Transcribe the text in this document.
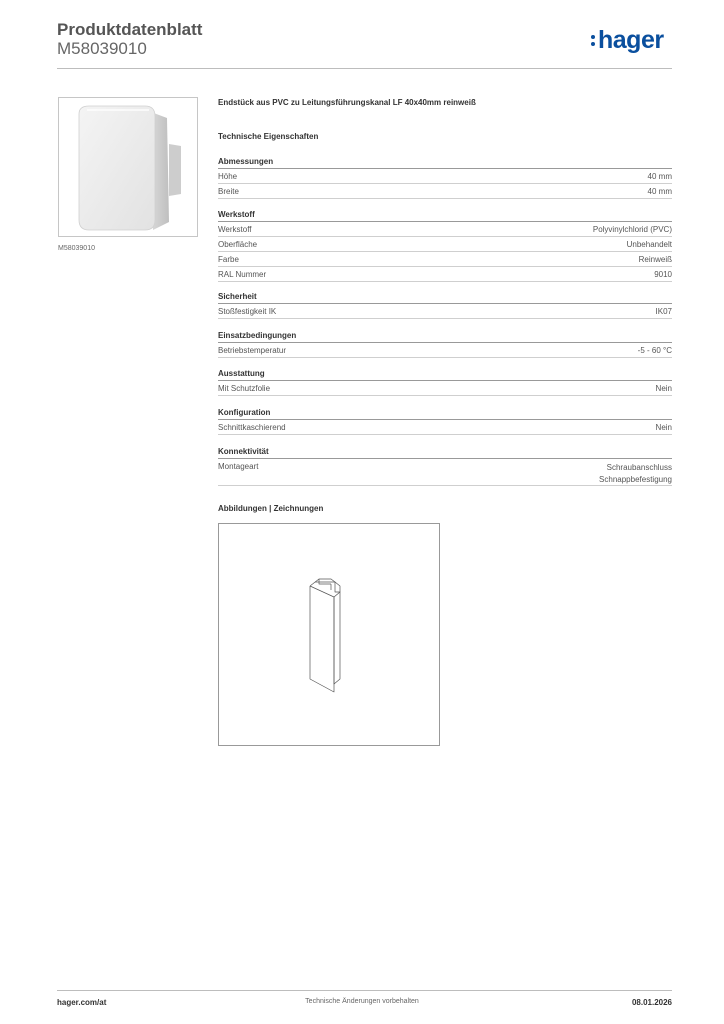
Produktdatenblatt
M58039010	hager
M58039010
Endstück aus PVC zu Leitungsführungskanal LF 40x40mm reinweiß
Technische Eigenschaften
Abmessungen
Höhe	40 mm
Breite	40 mm
Werkstoff
Werkstoff	Polyvinylchlorid (PVC)
Oberfläche	Unbehandelt
Farbe	Reinweiß
RAL Nummer	9010
Sicherheit
Stoßfestigkeit IK	IK07
Einsatzbedingungen
Betriebstemperatur	-5 - 60 °C
Ausstattung
Mit Schutzfolie	Nein
Konfiguration
Schnittkaschierend	Nein
Konnektivität
Montageart	Schraubanschluss
Schnappbefestigung
Abbildungen | Zeichnungen
hager.com/at	Technische Änderungen vorbehalten	08.01.2026
